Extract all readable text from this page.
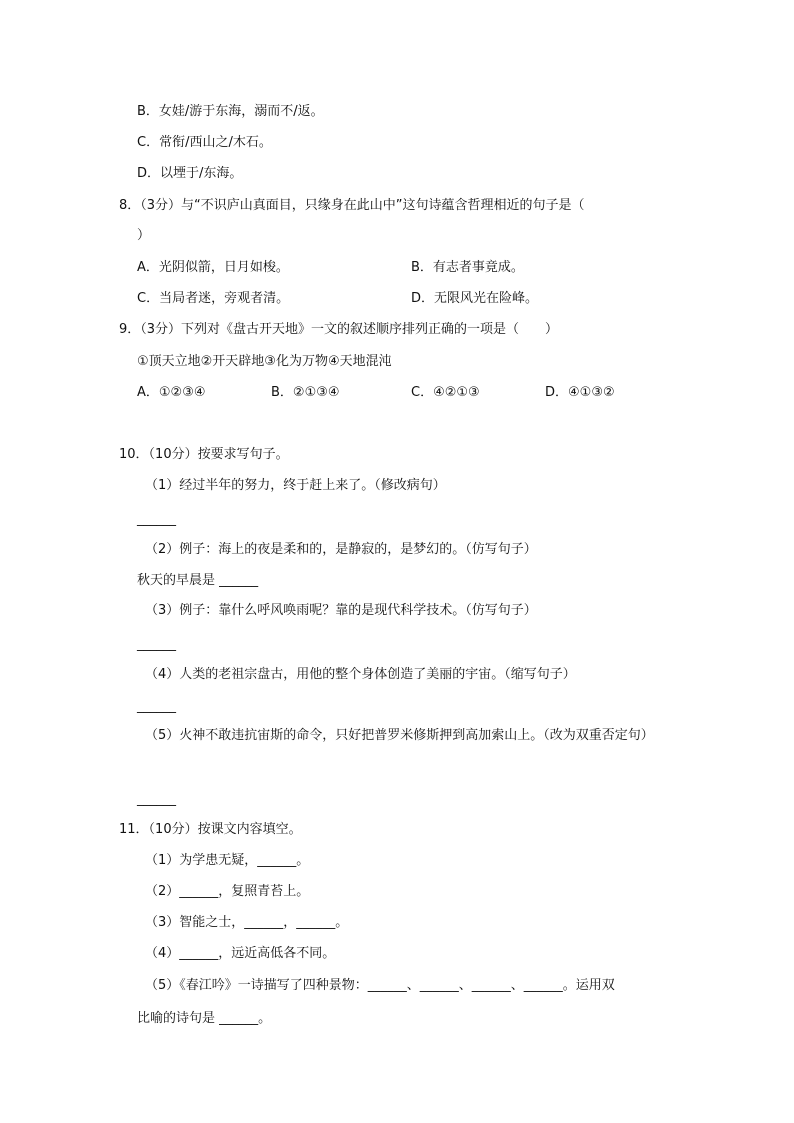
B．女娃/游于东海，溺而不/返。
C．常衔/西山之/木石。
D．以堙于/东海。
8．（3分）与“不识庐山真面目，只缘身在此山中”这句诗蕴含哲理相近的句子是（
）
A．光阴似箭，日月如梭。	B．有志者事竟成。
C．当局者迷，旁观者清。	D．无限风光在险峰。
9．（3分）下列对《盘古开天地》一文的叙述顺序排列正确的一项是（　　）
①顶天立地②开天辟地③化为万物④天地混沌
A．①②③④	B．②①③④	C．④②①③	D．④①③②
10．（10分）按要求写句子。
（1）经过半年的努力，终于赶上来了。（修改病句）
______
（2）例子：海上的夜是柔和的，是静寂的，是梦幻的。（仿写句子）
秋天的早晨是 ______
（3）例子：靠什么呼风唤雨呢？靠的是现代科学技术。（仿写句子）
______
（4）人类的老祖宗盘古，用他的整个身体创造了美丽的宇宙。（缩写句子）
______
（5）火神不敢违抗宙斯的命令，只好把普罗米修斯押到高加索山上。（改为双重否定句）
______
11．（10分）按课文内容填空。
（1）为学患无疑，______。
（2）______，复照青苔上。
（3）智能之士，______，______。
（4）______，远近高低各不同。
（5）《春江吟》一诗描写了四种景物：______、______、______、______。运用双
比喻的诗句是 ______。
